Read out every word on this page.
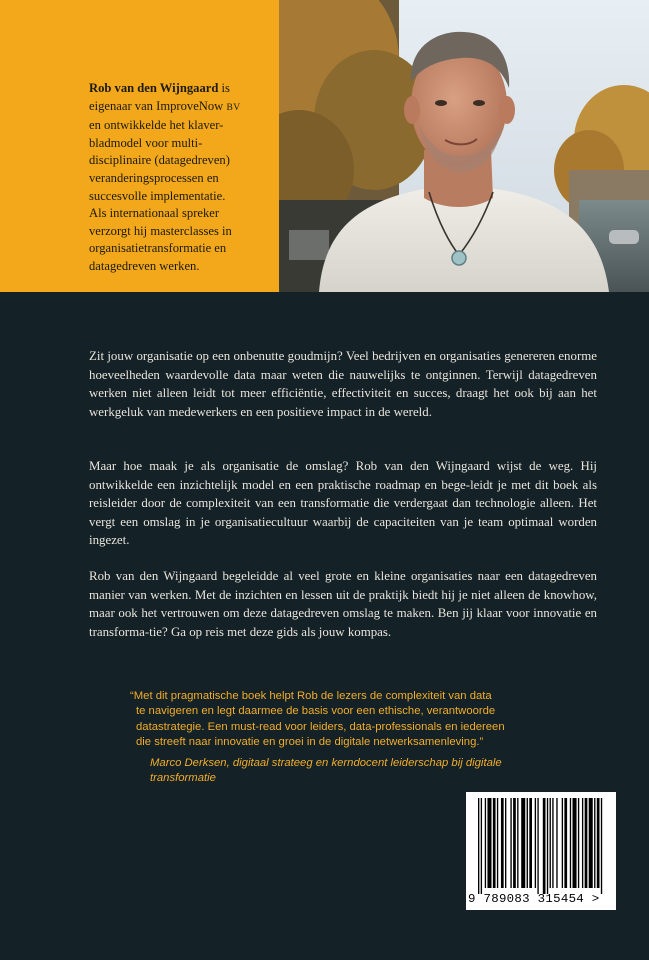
Rob van den Wijngaard is
eigenaar van ImproveNow BV
en ontwikkelde het klaver-
bladmodel voor multi-
disciplinaire (datagedreven)
veranderingsprocessen en
succesvolle implementatie.
Als internationaal spreker
verzorgt hij masterclasses in
organisatietransformatie en
datagedreven werken.

Zit jouw organisatie op een onbenutte goudmijn? Veel bedrijven en organisaties genereren enorme hoeveelheden waardevolle data maar weten die nauwelijks te ontginnen. Terwijl datagedreven werken niet alleen leidt tot meer efficiëntie, effectiviteit en succes, draagt het ook bij aan het werkgeluk van medewerkers en een positieve impact in de wereld.

Maar hoe maak je als organisatie de omslag? Rob van den Wijngaard wijst de weg. Hij ontwikkelde een inzichtelijk model en een praktische roadmap en bege-leidt je met dit boek als reisleider door de complexiteit van een transformatie die verdergaat dan technologie alleen. Het vergt een omslag in je organisatiecultuur waarbij de capaciteiten van je team optimaal worden ingezet.

Rob van den Wijngaard begeleidde al veel grote en kleine organisaties naar een datagedreven manier van werken. Met de inzichten en lessen uit de praktijk biedt hij je niet alleen de knowhow, maar ook het vertrouwen om deze datagedreven omslag te maken. Ben jij klaar voor innovatie en transforma-tie? Ga op reis met deze gids als jouw kompas.

“Met dit pragmatische boek helpt Rob de lezers de complexiteit van data
te navigeren en legt daarmee de basis voor een ethische, verantwoorde
datastrategie. Een must-read voor leiders, data-professionals en iedereen
die streeft naar innovatie en groei in de digitale netwerksamenleving.”

Marco Derksen, digitaal strateeg en kerndocent leiderschap bij digitale
transformatie

9 789083 315454 >
